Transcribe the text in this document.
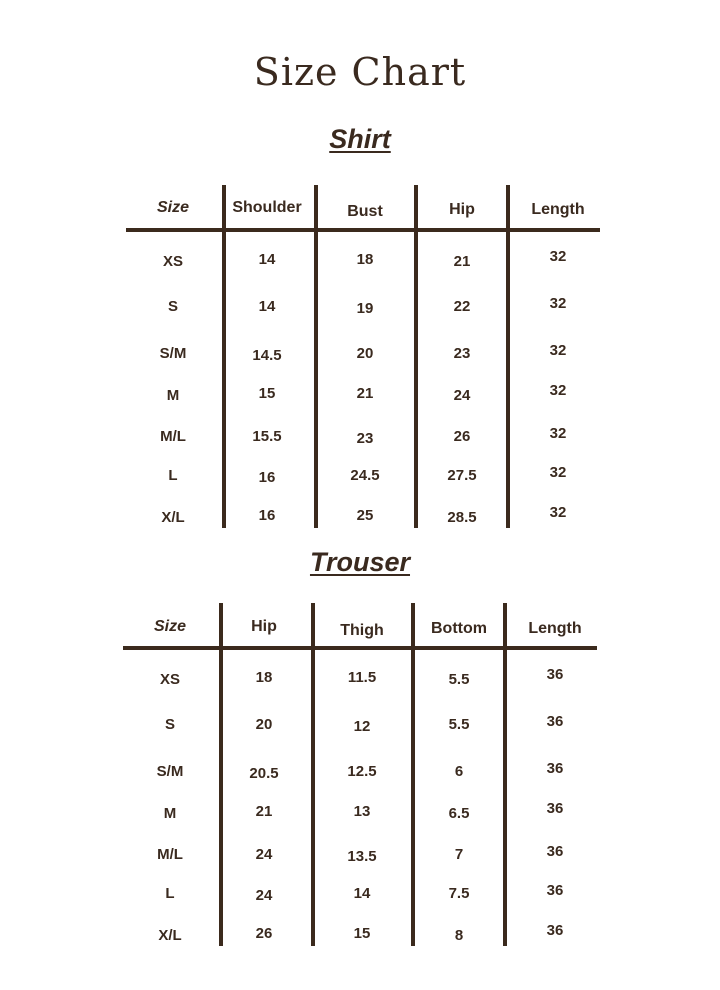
Size Chart
Shirt
Size	Shoulder	Bust	Hip	Length
XS	14	18	21	32
S	14	19	22	32
S/M	14.5	20	23	32
M	15	21	24	32
M/L	15.5	23	26	32
L	16	24.5	27.5	32
X/L	16	25	28.5	32
Trouser
Size	Hip	Thigh	Bottom	Length
XS	18	11.5	5.5	36
S	20	12	5.5	36
S/M	20.5	12.5	6	36
M	21	13	6.5	36
M/L	24	13.5	7	36
L	24	14	7.5	36
X/L	26	15	8	36
